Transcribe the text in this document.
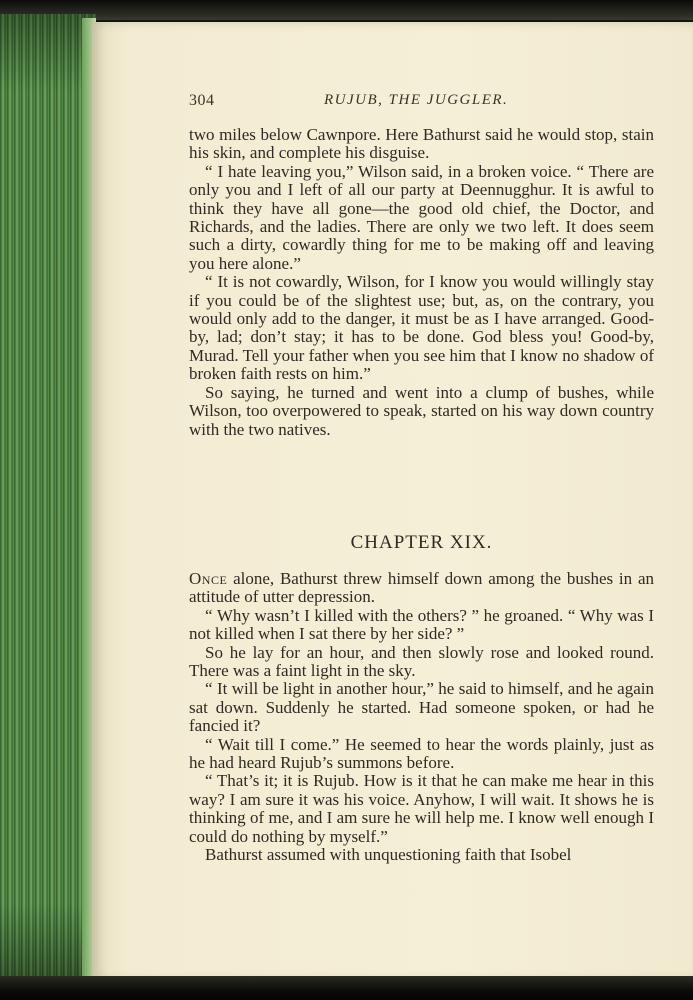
304	RUJUB, THE JUGGLER.

two miles below Cawnpore. Here Bathurst said he would stop, stain his skin, and complete his disguise.

“ I hate leaving you,” Wilson said, in a broken voice. “ There are only you and I left of all our party at Deennugghur. It is awful to think they have all gone—the good old chief, the Doctor, and Richards, and the ladies. There are only we two left. It does seem such a dirty, cowardly thing for me to be making off and leaving you here alone.”

“ It is not cowardly, Wilson, for I know you would willingly stay if you could be of the slightest use; but, as, on the contrary, you would only add to the danger, it must be as I have arranged. Good-by, lad; don’t stay; it has to be done. God bless you! Good-by, Murad. Tell your father when you see him that I know no shadow of broken faith rests on him.”

So saying, he turned and went into a clump of bushes, while Wilson, too overpowered to speak, started on his way down country with the two natives.

CHAPTER XIX.

Once alone, Bathurst threw himself down among the bushes in an attitude of utter depression.

“ Why wasn’t I killed with the others? ” he groaned. “ Why was I not killed when I sat there by her side? ”

So he lay for an hour, and then slowly rose and looked round. There was a faint light in the sky.

“ It will be light in another hour,” he said to himself, and he again sat down. Suddenly he started. Had someone spoken, or had he fancied it?

“ Wait till I come.” He seemed to hear the words plainly, just as he had heard Rujub’s summons before.

“ That’s it; it is Rujub. How is it that he can make me hear in this way? I am sure it was his voice. Anyhow, I will wait. It shows he is thinking of me, and I am sure he will help me. I know well enough I could do nothing by myself.”

Bathurst assumed with unquestioning faith that Isobel
